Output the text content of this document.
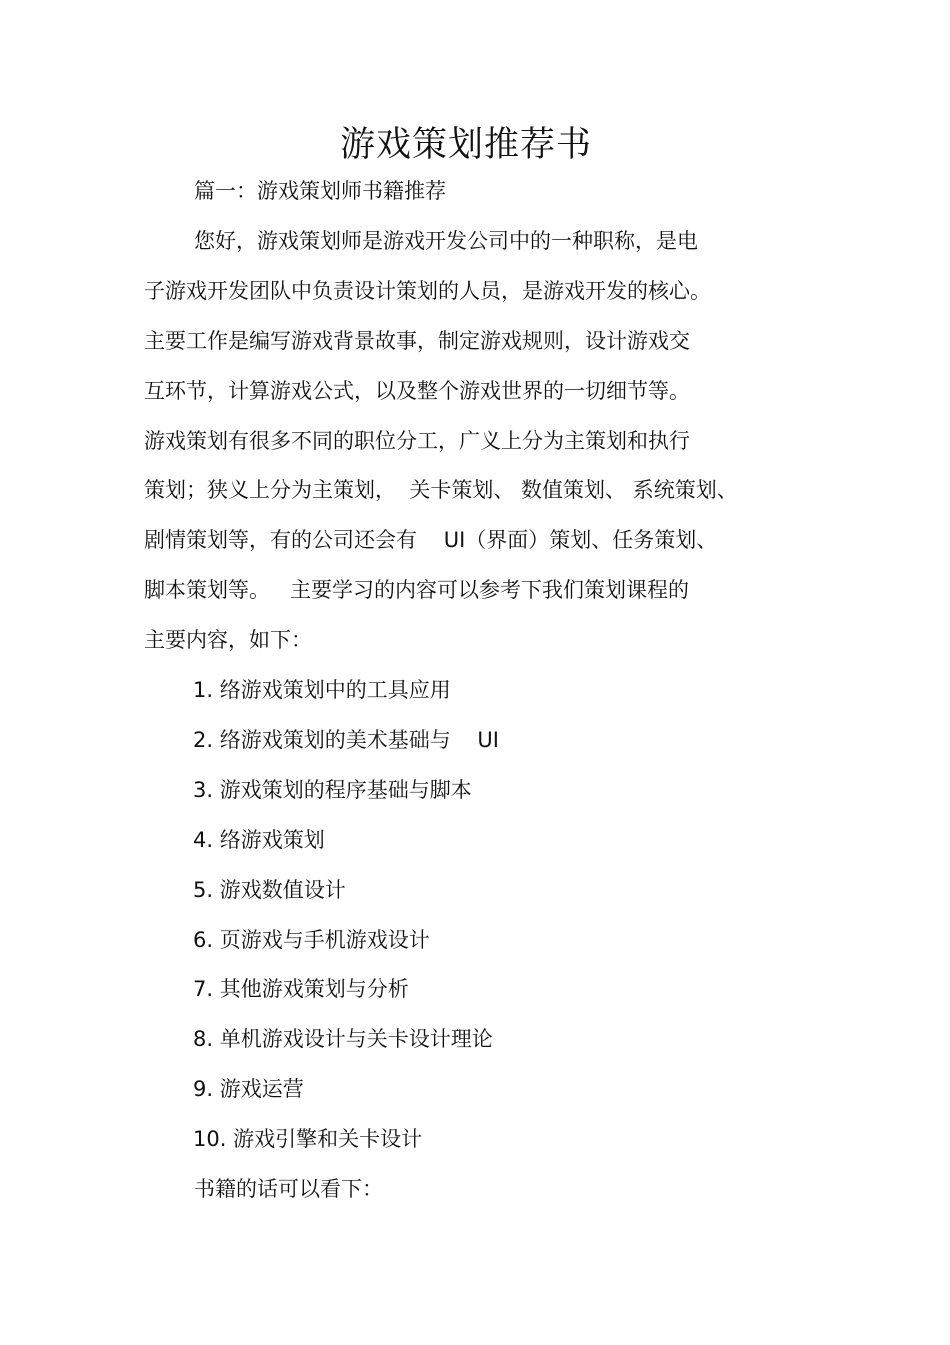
游戏策划推荐书
篇一：游戏策划师书籍推荐
您好，游戏策划师是游戏开发公司中的一种职称，是电
子游戏开发团队中负责设计策划的人员，是游戏开发的核心。
主要工作是编写游戏背景故事，制定游戏规则，设计游戏交
互环节，计算游戏公式，以及整个游戏世界的一切细节等。
游戏策划有很多不同的职位分工，广义上分为主策划和执行
策划；狭义上分为主策划，  关卡策划、 数值策划、 系统策划、
剧情策划等，有的公司还会有    UI（界面）策划、任务策划、
脚本策划等。   主要学习的内容可以参考下我们策划课程的
主要内容，如下：
1. 络游戏策划中的工具应用
2. 络游戏策划的美术基础与    UI
3. 游戏策划的程序基础与脚本
4. 络游戏策划
5. 游戏数值设计
6. 页游戏与手机游戏设计
7. 其他游戏策划与分析
8. 单机游戏设计与关卡设计理论
9. 游戏运营
10. 游戏引擎和关卡设计
书籍的话可以看下：
